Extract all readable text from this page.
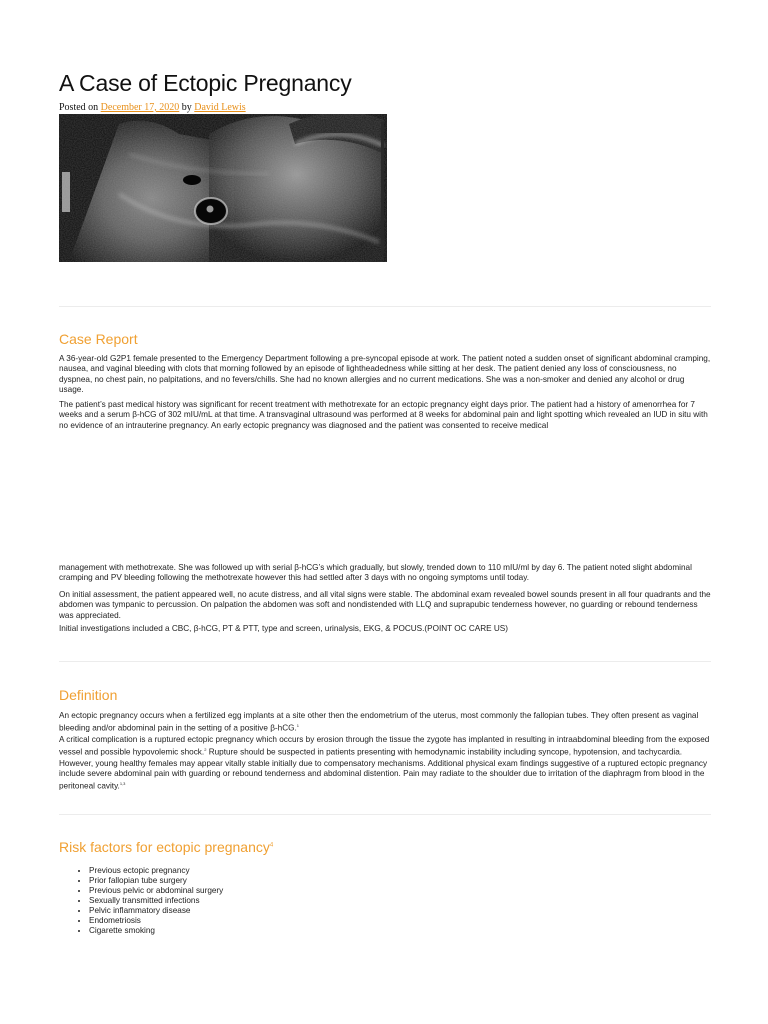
A Case of Ectopic Pregnancy
Posted on December 17, 2020 by David Lewis
Case Report

A 36-year-old G2P1 female presented to the Emergency Department following a pre-syncopal episode at work. The patient noted a sudden onset of significant abdominal cramping, nausea, and vaginal bleeding with clots that morning followed by an episode of lightheadedness while sitting at her desk. The patient denied any loss of consciousness, no dyspnea, no chest pain, no palpitations, and no fevers/chills. She had no known allergies and no current medications. She was a non-smoker and denied any alcohol or drug usage.

The patient’s past medical history was significant for recent treatment with methotrexate for an ectopic pregnancy eight days prior. The patient had a history of amenorrhea for 7 weeks and a serum β-hCG of 302 mIU/mL at that time. A transvaginal ultrasound was performed at 8 weeks for abdominal pain and light spotting which revealed an IUD in situ with no evidence of an intrauterine pregnancy. An early ectopic pregnancy was diagnosed and the patient was consented to receive medical

management with methotrexate. She was followed up with serial β-hCG’s which gradually, but slowly, trended down to 110 mIU/ml by day 6. The patient noted slight abdominal cramping and PV bleeding following the methotrexate however this had settled after 3 days with no ongoing symptoms until today.

On initial assessment, the patient appeared well, no acute distress, and all vital signs were stable. The abdominal exam revealed bowel sounds present in all four quadrants and the abdomen was tympanic to percussion. On palpation the abdomen was soft and nondistended with LLQ and suprapubic tenderness however, no guarding or rebound tenderness was appreciated.

Initial investigations included a CBC, β-hCG, PT & PTT, type and screen, urinalysis, EKG, & POCUS.(POINT OC CARE US)

Definition

An ectopic pregnancy occurs when a fertilized egg implants at a site other then the endometrium of the uterus, most commonly the fallopian tubes. They often present as vaginal bleeding and/or abdominal pain in the setting of a positive β-hCG.$^1$

A critical complication is a ruptured ectopic pregnancy which occurs by erosion through the tissue the zygote has implanted in resulting in intraabdominal bleeding from the exposed vessel and possible hypovolemic shock.$^2$ Rupture should be suspected in patients presenting with hemodynamic instability including syncope, hypotension, and tachycardia. However, young healthy females may appear vitally stable initially due to compensatory mechanisms. Additional physical exam findings suggestive of a ruptured ectopic pregnancy include severe abdominal pain with guarding or rebound tenderness and abdominal distention. Pain may radiate to the shoulder due to irritation of the diaphragm from blood in the peritoneal cavity.$^{1,3}$

Risk factors for ectopic pregnancy$^4$
• Previous ectopic pregnancy
• Prior fallopian tube surgery
• Previous pelvic or abdominal surgery
• Sexually transmitted infections
• Pelvic inflammatory disease
• Endometriosis
• Cigarette smoking
